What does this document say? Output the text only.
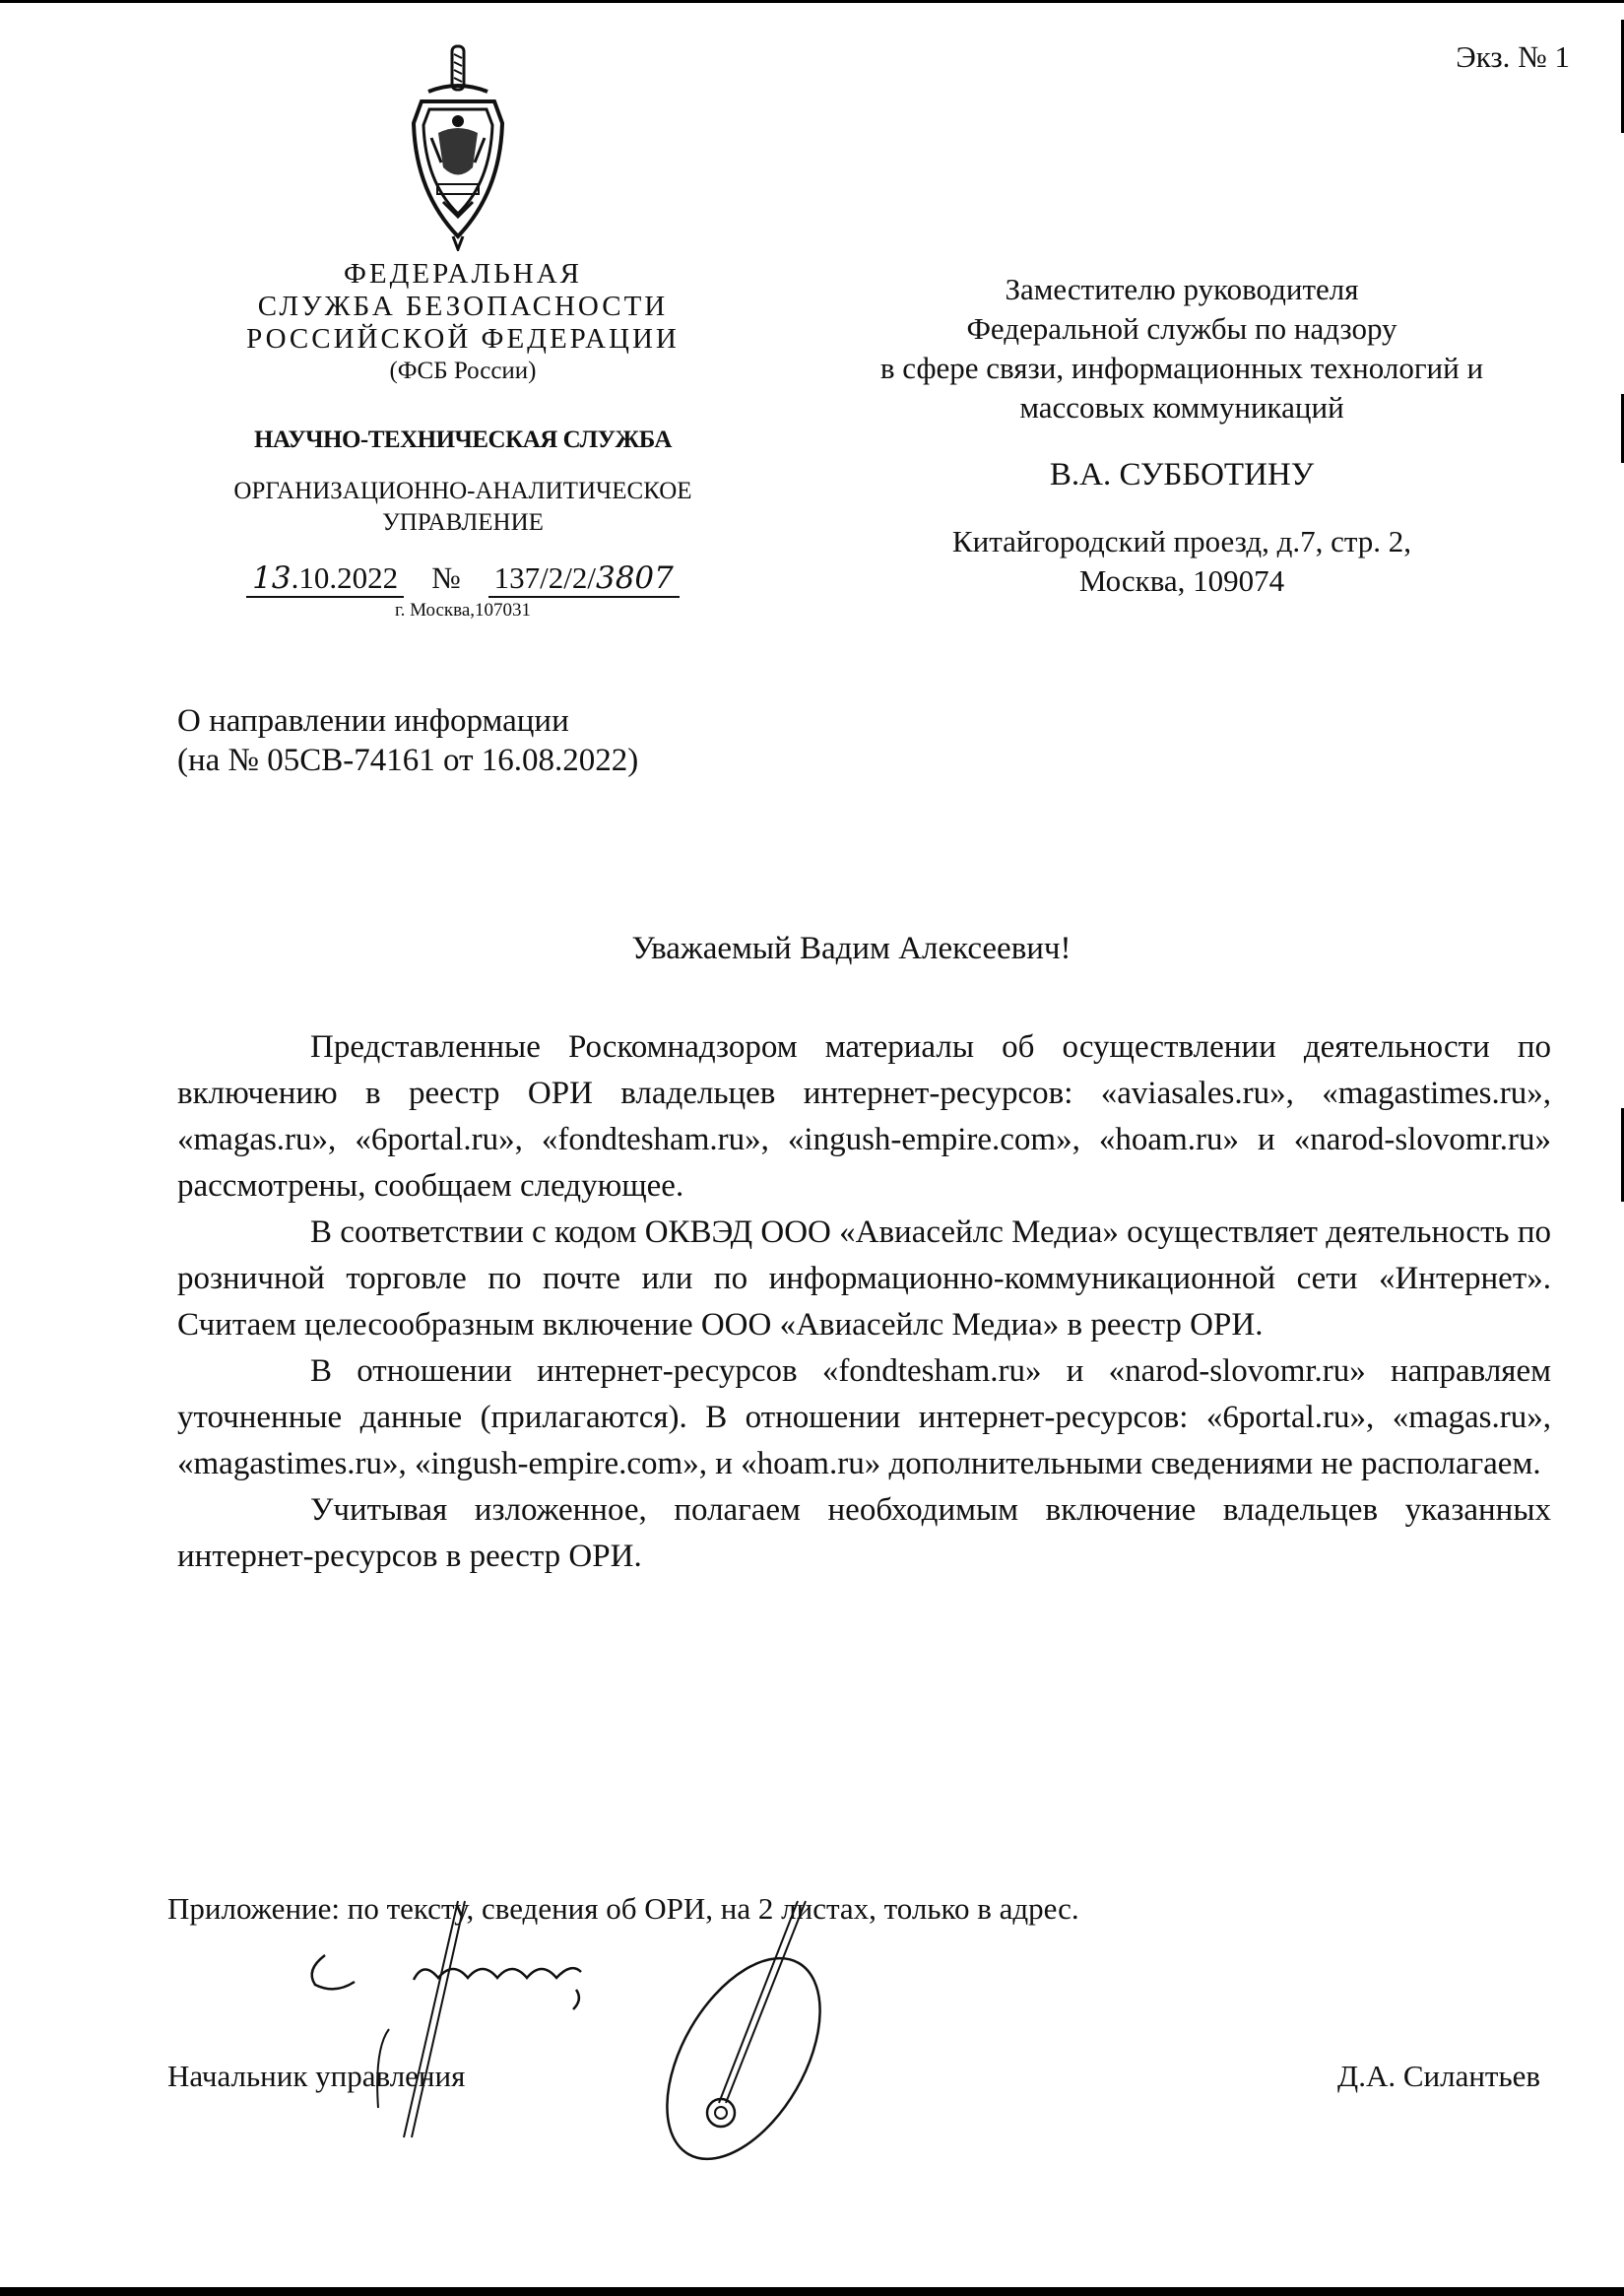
Экз. № 1
ФЕДЕРАЛЬНАЯ
СЛУЖБА БЕЗОПАСНОСТИ
РОССИЙСКОЙ ФЕДЕРАЦИИ
(ФСБ России)
НАУЧНО-ТЕХНИЧЕСКАЯ СЛУЖБА
ОРГАНИЗАЦИОННО-АНАЛИТИЧЕСКОЕ
УПРАВЛЕНИЕ
13.10.2022 № 137/2/2/3807
г. Москва,107031
О направлении информации
(на № 05СВ-74161 от 16.08.2022)
Заместителю руководителя
Федеральной службы по надзору
в сфере связи, информационных технологий и
массовых коммуникаций
В.А. СУББОТИНУ
Китайгородский проезд, д.7, стр. 2,
Москва, 109074
Уважаемый Вадим Алексеевич!

Представленные Роскомнадзором материалы об осуществлении деятельности по включению в реестр ОРИ владельцев интернет-ресурсов: «aviasales.ru», «magastimes.ru», «magas.ru», «6portal.ru», «fondtesham.ru», «ingush-empire.com», «hoam.ru» и «narod-slovomr.ru» рассмотрены, сообщаем следующее.

В соответствии с кодом ОКВЭД ООО «Авиасейлс Медиа» осуществляет деятельность по розничной торговле по почте или по информационно-коммуникационной сети «Интернет». Считаем целесообразным включение ООО «Авиасейлс Медиа» в реестр ОРИ.

В отношении интернет-ресурсов «fondtesham.ru» и «narod-slovomr.ru» направляем уточненные данные (прилагаются). В отношении интернет-ресурсов: «6portal.ru», «magas.ru», «magastimes.ru», «ingush-empire.com», и «hoam.ru» дополнительными сведениями не располагаем.

Учитывая изложенное, полагаем необходимым включение владельцев указанных интернет-ресурсов в реестр ОРИ.

Приложение: по тексту, сведения об ОРИ, на 2 листах, только в адрес.
Начальник управления	Д.А. Силантьев
